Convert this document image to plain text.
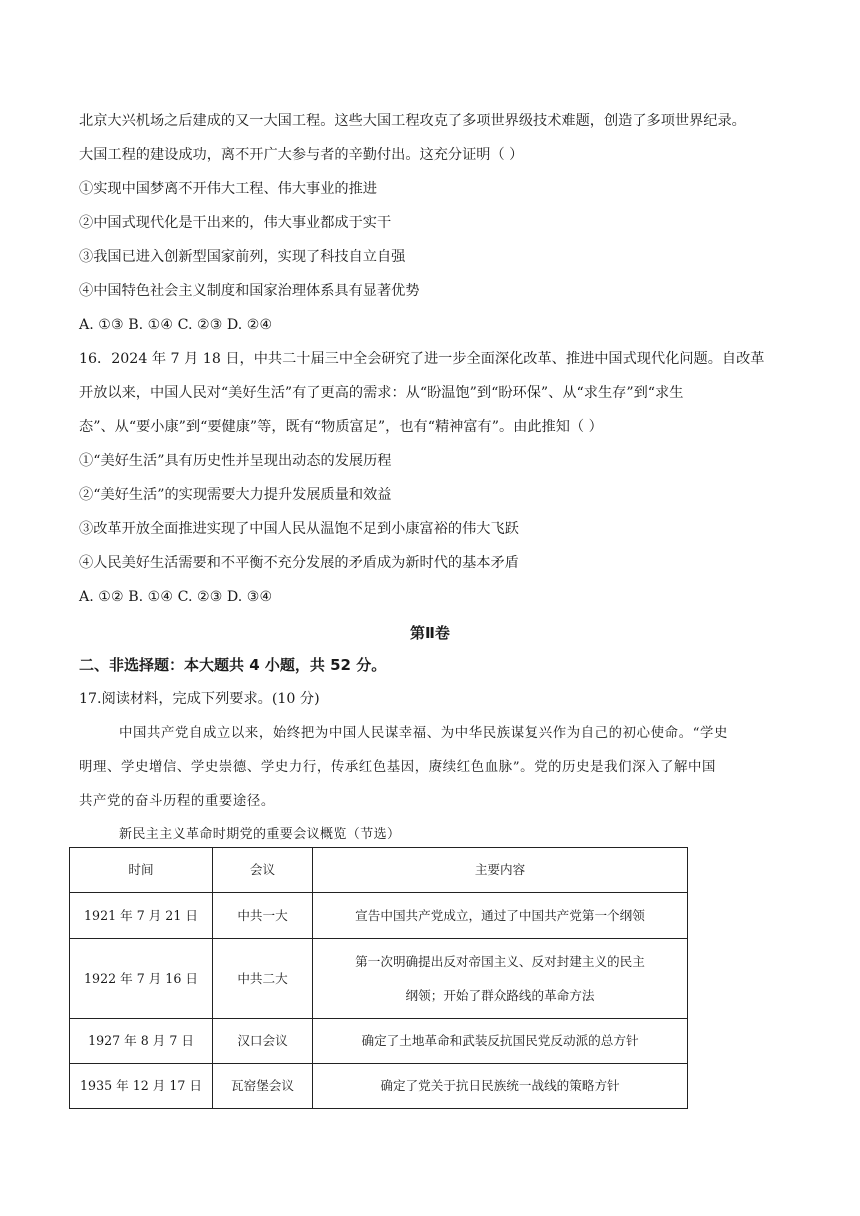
北京大兴机场之后建成的又一大国工程。这些大国工程攻克了多项世界级技术难题，创造了多项世界纪录。
大国工程的建设成功，离不开广大参与者的辛勤付出。这充分证明（ ）
①实现中国梦离不开伟大工程、伟大事业的推进
②中国式现代化是干出来的，伟大事业都成于实干
③我国已进入创新型国家前列，实现了科技自立自强
④中国特色社会主义制度和国家治理体系具有显著优势
A. ①③ B. ①④ C. ②③ D. ②④
16．2024 年 7 月 18 日，中共二十届三中全会研究了进一步全面深化改革、推进中国式现代化问题。自改革
开放以来，中国人民对“美好生活”有了更高的需求：从“盼温饱”到“盼环保”、从“求生存”到“求生
态”、从“要小康”到“要健康”等，既有“物质富足”，也有“精神富有”。由此推知（ ）
①“美好生活”具有历史性并呈现出动态的发展历程
②“美好生活”的实现需要大力提升发展质量和效益
③改革开放全面推进实现了中国人民从温饱不足到小康富裕的伟大飞跃
④人民美好生活需要和不平衡不充分发展的矛盾成为新时代的基本矛盾
A. ①② B. ①④ C. ②③ D. ③④
第Ⅱ卷
二、非选择题：本大题共 4 小题，共 52 分。
17.阅读材料，完成下列要求。(10 分)
中国共产党自成立以来，始终把为中国人民谋幸福、为中华民族谋复兴作为自己的初心使命。“学史
明理、学史增信、学史崇德、学史力行，传承红色基因，赓续红色血脉”。党的历史是我们深入了解中国
共产党的奋斗历程的重要途径。
新民主主义革命时期党的重要会议概览（节选）
时间	会议	主要内容
1921 年 7 月 21 日	中共一大	宣告中国共产党成立，通过了中国共产党第一个纲领
1922 年 7 月 16 日	中共二大	第一次明确提出反对帝国主义、反对封建主义的民主
纲领；开始了群众路线的革命方法

1927 年 8 月 7 日	汉口会议	确定了土地革命和武装反抗国民党反动派的总方针
1935 年 12 月 17 日	瓦窑堡会议	确定了党关于抗日民族统一战线的策略方针
